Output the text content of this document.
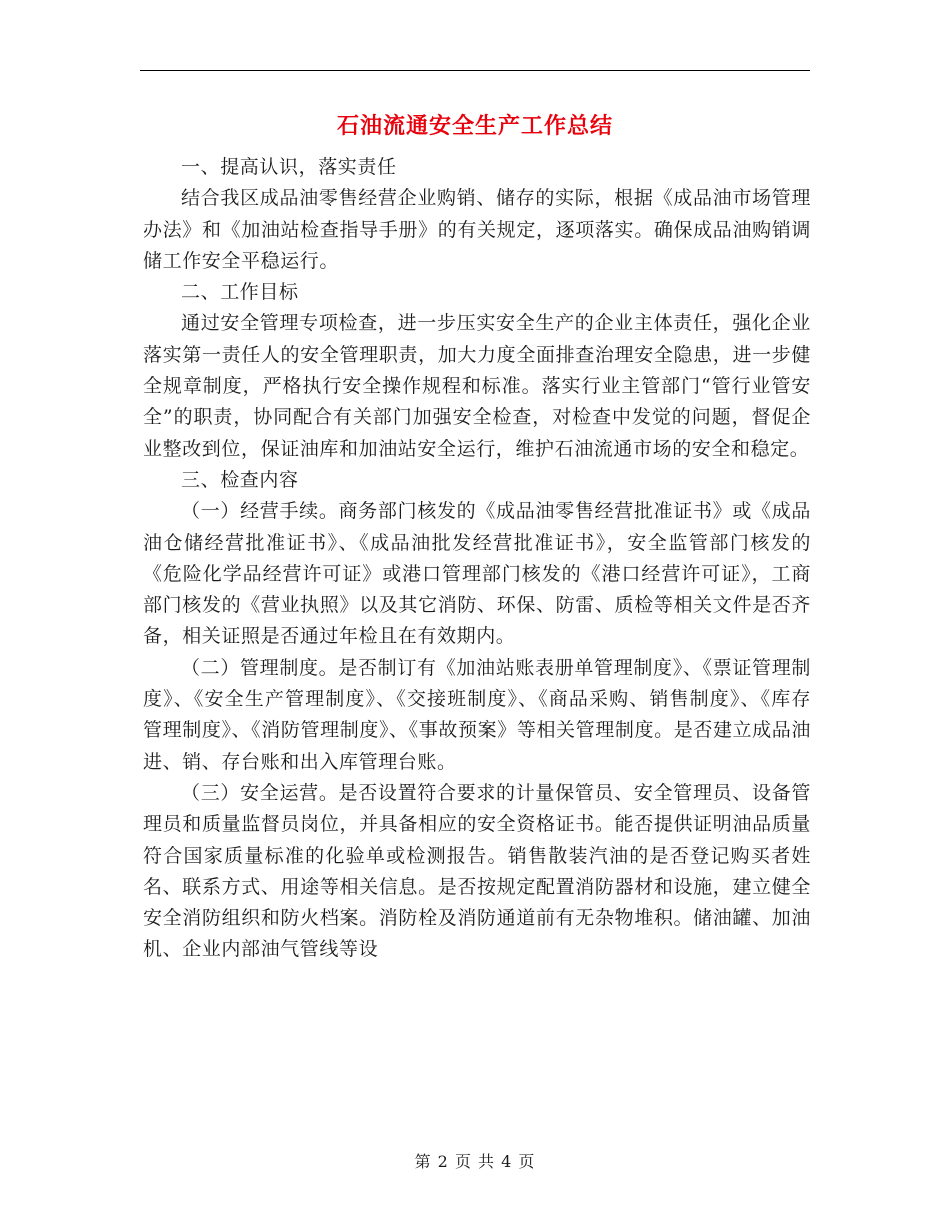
石油流通安全生产工作总结

一、提高认识，落实责任

结合我区成品油零售经营企业购销、储存的实际，根据《成品油市场管理办法》和《加油站检查指导手册》的有关规定，逐项落实。确保成品油购销调储工作安全平稳运行。

二、工作目标

通过安全管理专项检查，进一步压实安全生产的企业主体责任，强化企业落实第一责任人的安全管理职责，加大力度全面排查治理安全隐患，进一步健全规章制度，严格执行安全操作规程和标准。落实行业主管部门“管行业管安全”的职责，协同配合有关部门加强安全检查，对检查中发觉的问题，督促企业整改到位，保证油库和加油站安全运行，维护石油流通市场的安全和稳定。

三、检查内容

（一）经营手续。商务部门核发的《成品油零售经营批准证书》或《成品油仓储经营批准证书》、《成品油批发经营批准证书》，安全监管部门核发的《危险化学品经营许可证》或港口管理部门核发的《港口经营许可证》，工商部门核发的《营业执照》以及其它消防、环保、防雷、质检等相关文件是否齐备，相关证照是否通过年检且在有效期内。

（二）管理制度。是否制订有《加油站账表册单管理制度》、《票证管理制度》、《安全生产管理制度》、《交接班制度》、《商品采购、销售制度》、《库存管理制度》、《消防管理制度》、《事故预案》等相关管理制度。是否建立成品油进、销、存台账和出入库管理台账。

（三）安全运营。是否设置符合要求的计量保管员、安全管理员、设备管理员和质量监督员岗位，并具备相应的安全资格证书。能否提供证明油品质量符合国家质量标准的化验单或检测报告。销售散装汽油的是否登记购买者姓名、联系方式、用途等相关信息。是否按规定配置消防器材和设施，建立健全安全消防组织和防火档案。消防栓及消防通道前有无杂物堆积。储油罐、加油机、企业内部油气管线等设

第 2 页 共 4 页
